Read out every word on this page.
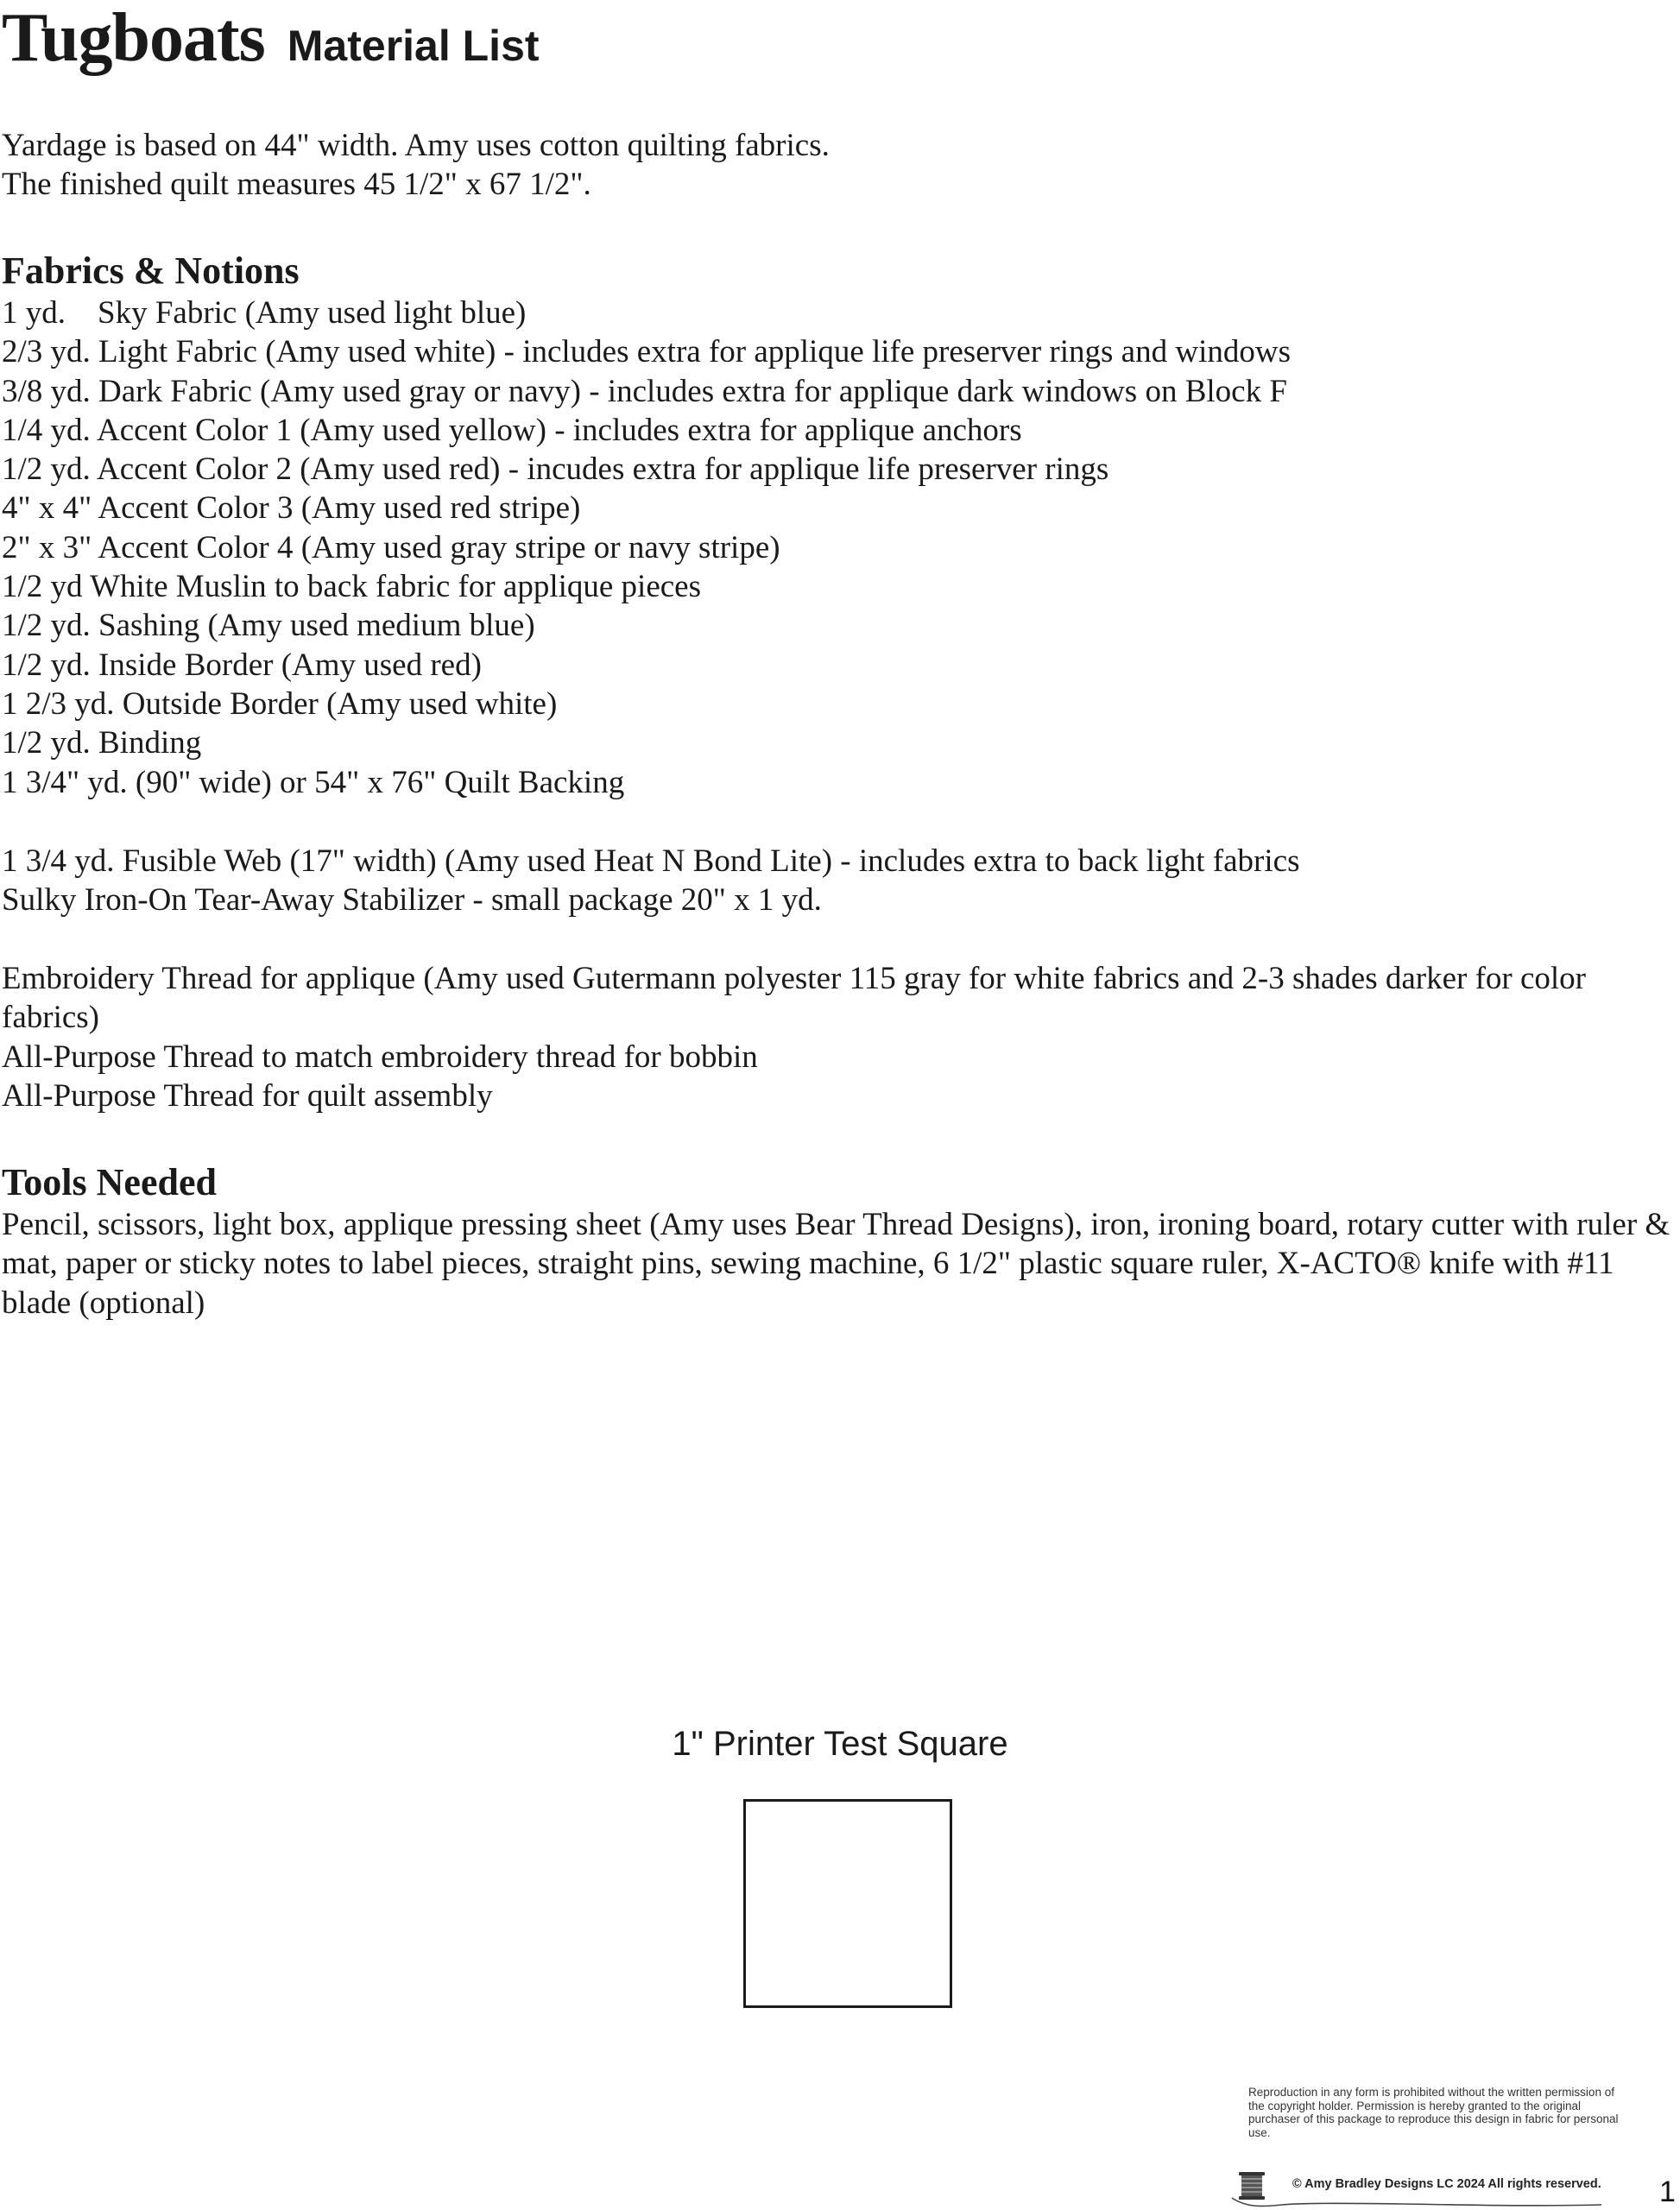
Tugboats Material List
Yardage is based on 44" width. Amy uses cotton quilting fabrics.
The finished quilt measures 45 1/2" x 67 1/2".
Fabrics & Notions
1 yd.    Sky Fabric (Amy used light blue)
2/3 yd. Light Fabric (Amy used white) - includes extra for applique life preserver rings and windows
3/8 yd. Dark Fabric (Amy used gray or navy) - includes extra for applique dark windows on Block F
1/4 yd. Accent Color 1 (Amy used yellow) - includes extra for applique anchors
1/2 yd. Accent Color 2 (Amy used red) - incudes extra for applique life preserver rings
4" x 4" Accent Color 3 (Amy used red stripe)
2" x 3" Accent Color 4 (Amy used gray stripe or navy stripe)
1/2 yd White Muslin to back fabric for applique pieces
1/2 yd. Sashing (Amy used medium blue)
1/2 yd. Inside Border (Amy used red)
1 2/3 yd. Outside Border (Amy used white)
1/2 yd. Binding
1 3/4" yd. (90" wide) or 54" x 76" Quilt Backing
1 3/4 yd. Fusible Web (17" width) (Amy used Heat N Bond Lite) - includes extra to back light fabrics
Sulky Iron-On Tear-Away Stabilizer - small package 20" x 1 yd.
Embroidery Thread for applique (Amy used Gutermann polyester 115 gray for white fabrics and 2-3 shades darker for color fabrics)
All-Purpose Thread to match embroidery thread for bobbin
All-Purpose Thread for quilt assembly
Tools Needed
Pencil, scissors, light box, applique pressing sheet (Amy uses Bear Thread Designs), iron, ironing board, rotary cutter with ruler & mat, paper or sticky notes to label pieces, straight pins, sewing machine, 6 1/2" plastic square ruler, X-ACTO® knife with #11 blade (optional)
1" Printer Test Square
Reproduction in any form is prohibited without the written permission of the copyright holder. Permission is hereby granted to the original purchaser of this package to reproduce this design in fabric for personal use.
© Amy Bradley Designs LC 2024 All rights reserved. 1
